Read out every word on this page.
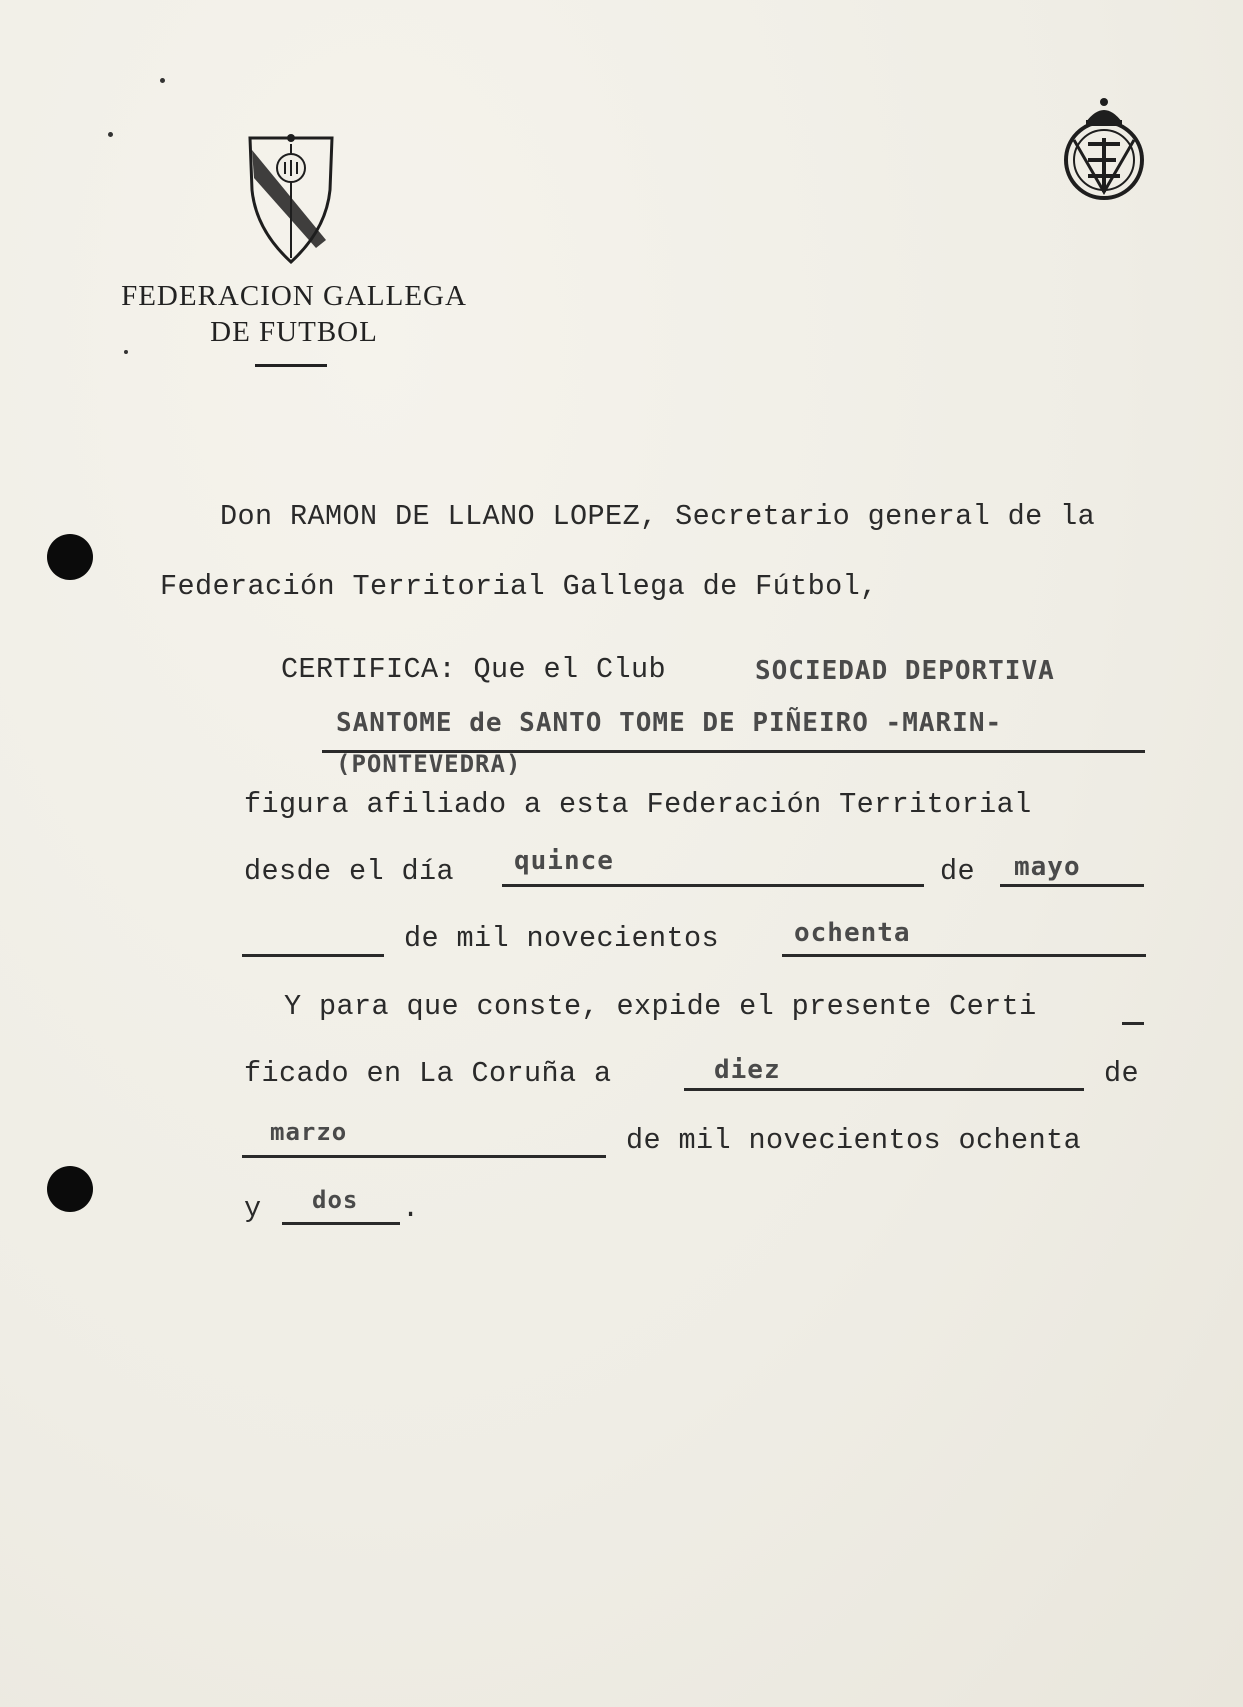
FEDERACION GALLEGA
DE FUTBOL
Don RAMON DE LLANO LOPEZ, Secretario general de la
Federación Territorial Gallega de Fútbol,
CERTIFICA: Que el Club	SOCIEDAD DEPORTIVA
SANTOME de SANTO TOME DE PIÑEIRO -MARIN-
(PONTEVEDRA)
figura afiliado a esta Federación Territorial
desde el día quince	de mayo
de mil novecientos	ochenta
Y para que conste, expide el presente Certi
ficado en La Coruña a	diez	de
marzo	de mil novecientos ochenta
y dos .
